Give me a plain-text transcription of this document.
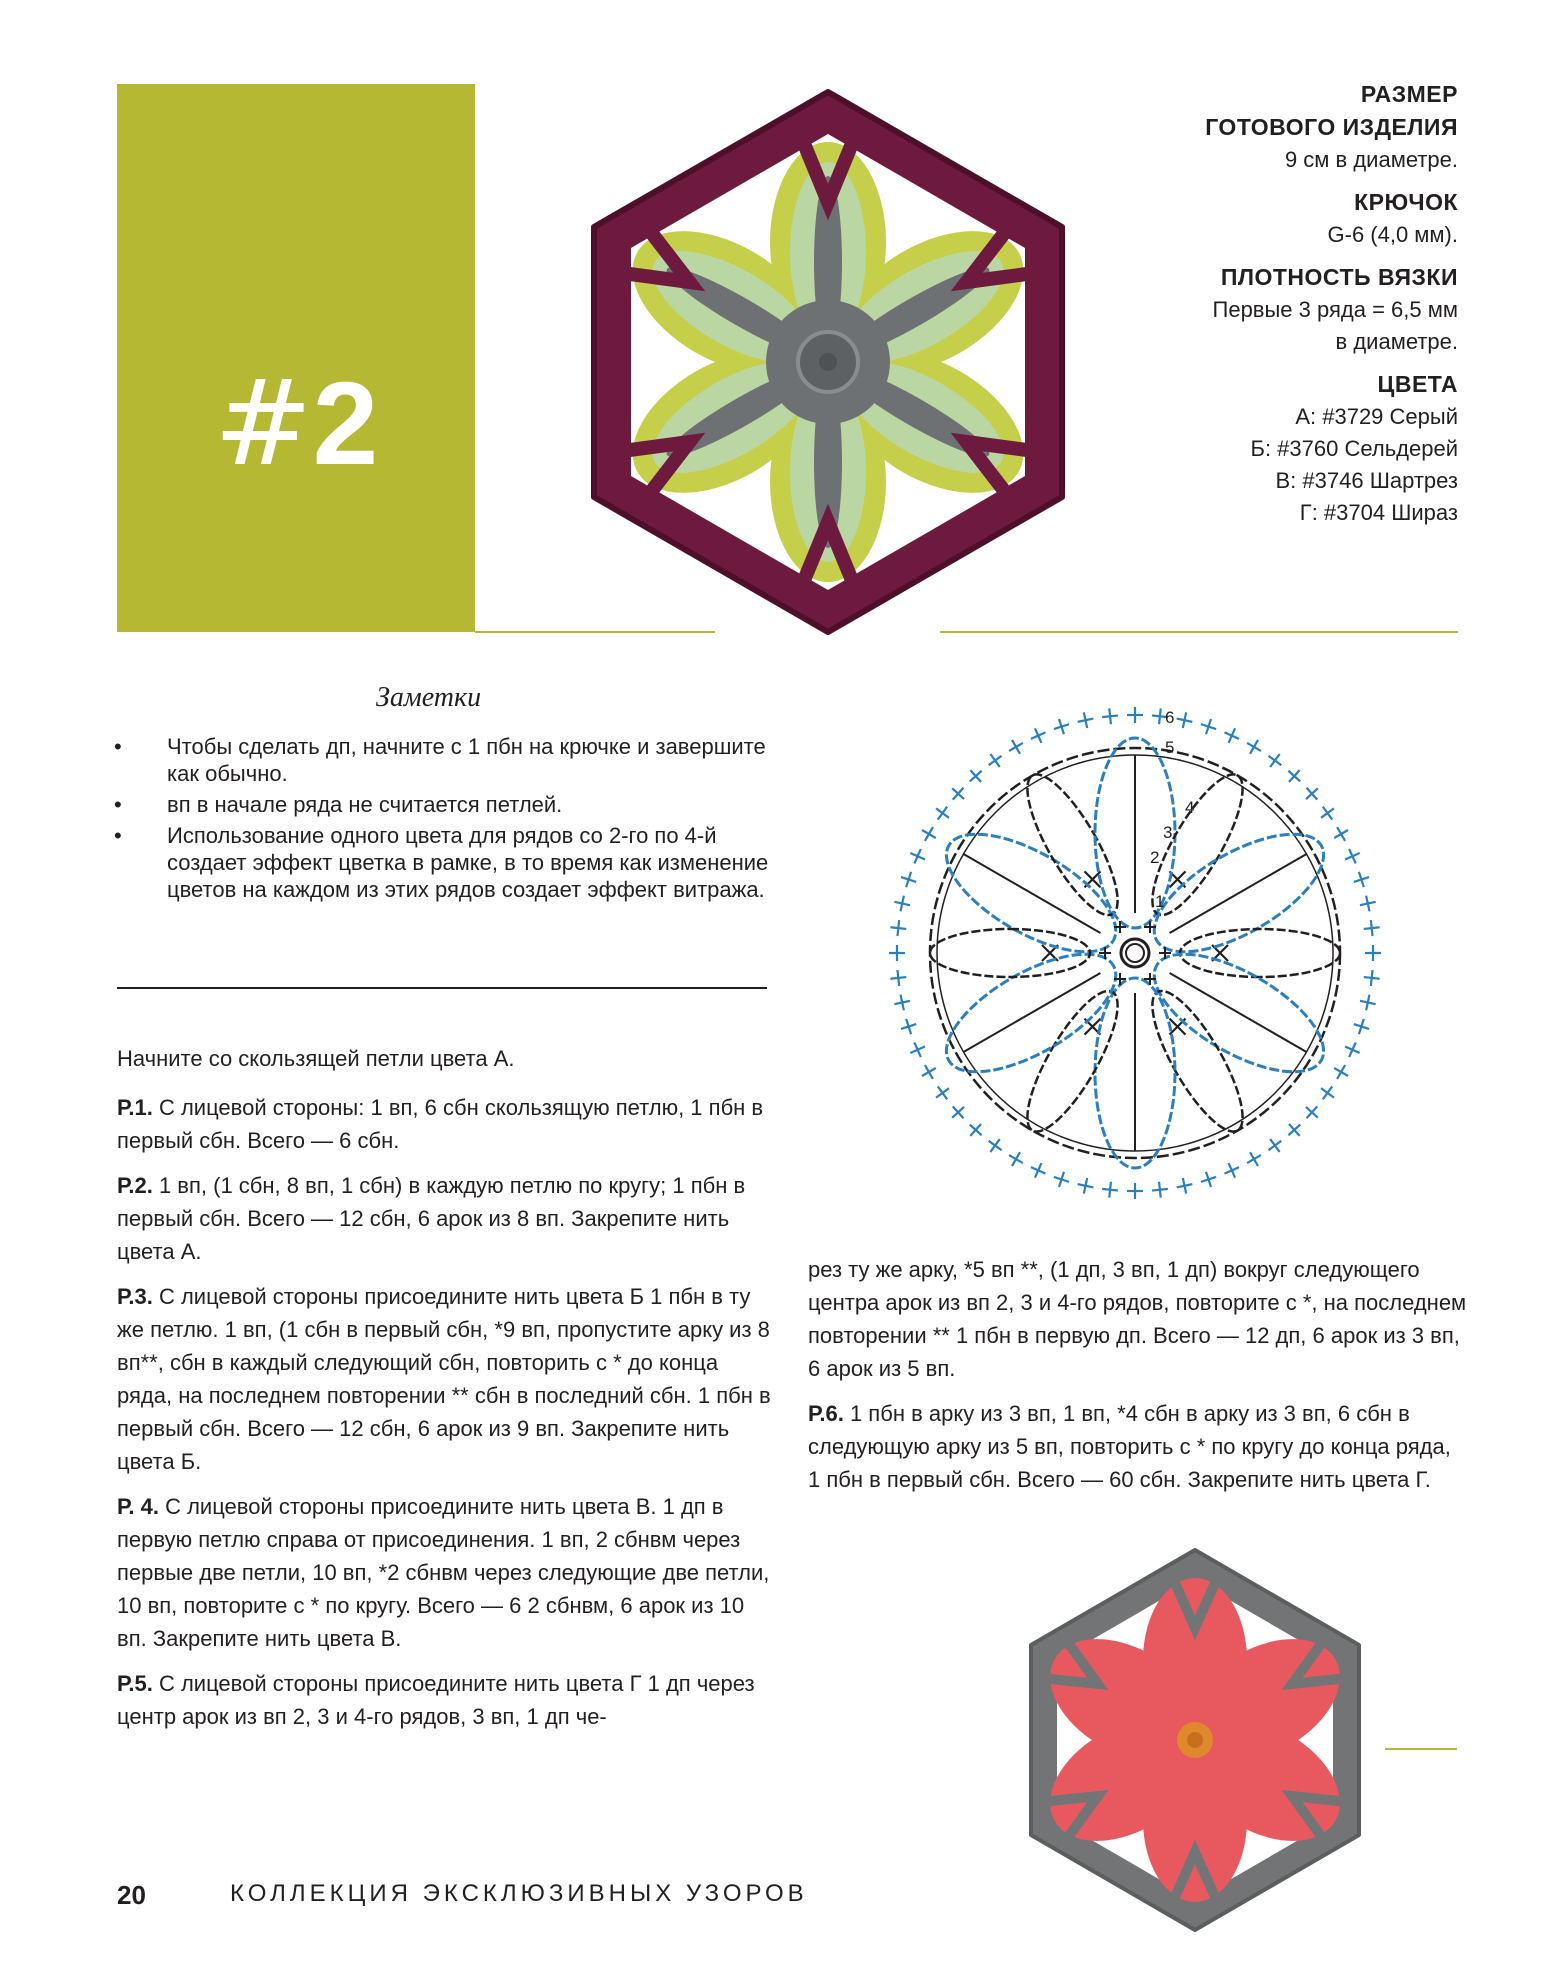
#2
РАЗМЕР
ГОТОВОГО ИЗДЕЛИЯ
9 см в диаметре.
КРЮЧОК
G-6 (4,0 мм).
ПЛОТНОСТЬ ВЯЗКИ
Первые 3 ряда = 6,5 мм
в диаметре.
ЦВЕТА
А: #3729 Серый
Б: #3760 Сельдерей
В: #3746 Шартрез
Г: #3704 Шираз
Заметки
• Чтобы сделать дп, начните с 1 пбн на крючке и завершите как обычно.
• вп в начале ряда не считается петлей.
• Использование одного цвета для рядов со 2-го по 4-й создает эффект цветка в рамке, в то время как изменение цветов на каждом из этих рядов создает эффект витража.	1
2
3
4
5
6

Начните со скользящей петли цвета А.

Р.1. С лицевой стороны: 1 вп, 6 сбн скользящую петлю, 1 пбн в первый сбн. Всего — 6 сбн.

Р.2. 1 вп, (1 сбн, 8 вп, 1 сбн) в каждую петлю по кругу; 1 пбн в первый сбн. Всего — 12 сбн, 6 арок из 8 вп. Закрепите нить цвета А.

Р.3. С лицевой стороны присоедините нить цвета Б 1 пбн в ту же петлю. 1 вп, (1 сбн в первый сбн, *9 вп, пропустите арку из 8 вп**, сбн в каждый следующий сбн, повторить с * до конца ряда, на последнем повторении ** сбн в последний сбн. 1 пбн в первый сбн. Всего — 12 сбн, 6 арок из 9 вп. Закрепите нить цвета Б.

Р. 4. С лицевой стороны присоедините нить цвета В. 1 дп в первую петлю справа от присоединения. 1 вп, 2 сбнвм через первые две петли, 10 вп, *2 сбнвм через следующие две петли, 10 вп, повторите с * по кругу. Всего — 6 2 сбнвм, 6 арок из 10 вп. Закрепите нить цвета В.

Р.5. С лицевой стороны присоедините нить цвета Г 1 дп через центр арок из вп 2, 3 и 4-го рядов, 3 вп, 1 дп че-

рез ту же арку, *5 вп **, (1 дп, 3 вп, 1 дп) вокруг следующего центра арок из вп 2, 3 и 4-го рядов, повторите с *, на последнем повторении ** 1 пбн в первую дп. Всего — 12 дп, 6 арок из 3 вп, 6 арок из 5 вп.

Р.6. 1 пбн в арку из 3 вп, 1 вп, *4 сбн в арку из 3 вп, 6 сбн в следующую арку из 5 вп, повторить с * по кругу до конца ряда, 1 пбн в первый сбн. Всего — 60 сбн. Закрепите нить цвета Г.

20	КОЛЛЕКЦИЯ ЭКСКЛЮЗИВНЫХ УЗОРОВ
